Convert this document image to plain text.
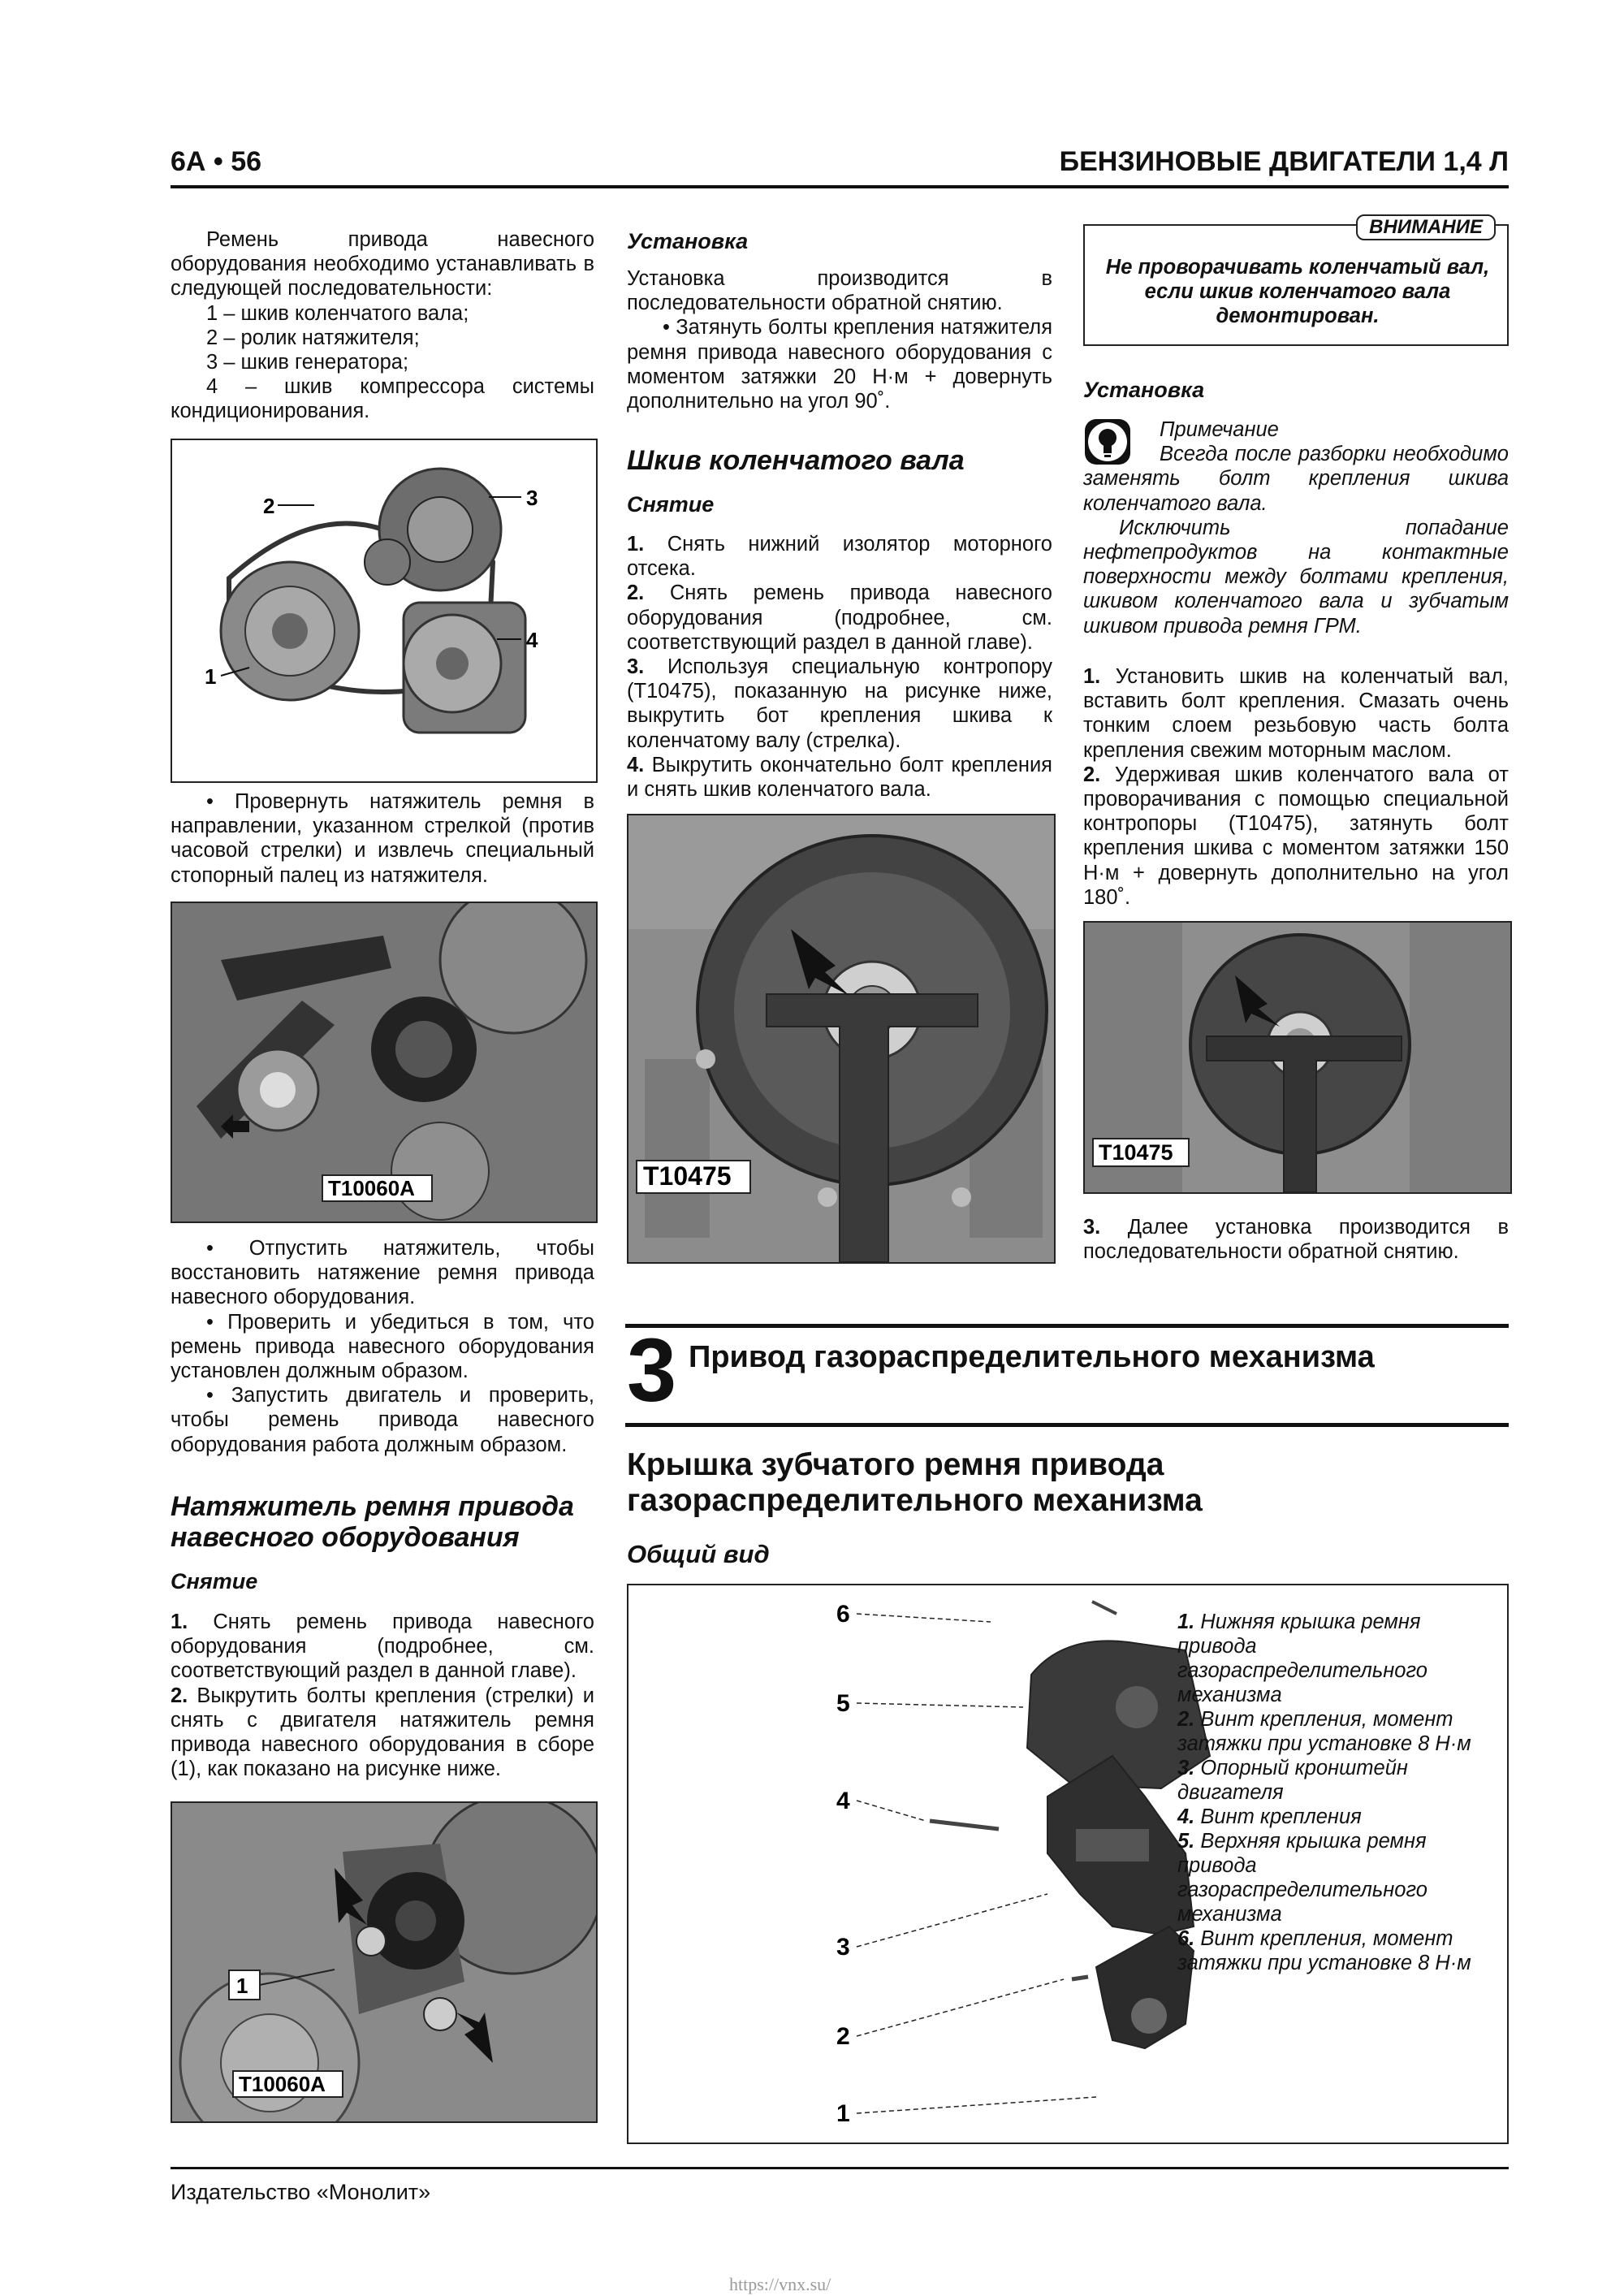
6А • 56	БЕНЗИНОВЫЕ ДВИГАТЕЛИ 1,4 Л

Ремень привода навесного оборудования необходимо устанавливать в следующей последовательности:

1 – шкив коленчатого вала;

2 – ролик натяжителя;

3 – шкив генератора;

4 – шкив компрессора системы кондиционирования.

2	3
4
1

• Провернуть натяжитель ремня в направлении, указанном стрелкой (против часовой стрелки) и извлечь специальный стопорный палец из натяжителя.

T10060A

• Отпустить натяжитель, чтобы восстановить натяжение ремня привода навесного оборудования.

• Проверить и убедиться в том, что ремень привода навесного оборудования установлен должным образом.

• Запустить двигатель и проверить, чтобы ремень привода навесного оборудования работа должным образом.

Натяжитель ремня привода навесного оборудования
Снятие

1. Снять ремень привода навесного оборудования (подробнее, см. соответствующий раздел в данной главе).

2. Выкрутить болты крепления (стрелки) и снять с двигателя натяжитель ремня привода навесного оборудования в сборе (1), как показано на рисунке ниже.

1
T10060A
Установка

Установка производится в последовательности обратной снятию.

• Затянуть болты крепления натяжителя ремня привода навесного оборудования с моментом затяжки 20 Н·м + довернуть дополнительно на угол 90˚.

Шкив коленчатого вала
Снятие

1. Снять нижний изолятор моторного отсека.

2. Снять ремень привода навесного оборудования (подробнее, см. соответствующий раздел в данной главе).

3. Используя специальную контропору (T10475), показанную на рисунке ниже, выкрутить бот крепления шкива к коленчатому валу (стрелка).

4. Выкрутить окончательно болт крепления и снять шкив коленчатого вала.

T10475
ВНИМАНИЕ
Не проворачивать коленчатый вал, если шкив коленчатого вала демонтирован.
Установка

Примечание

Всегда после разборки необходимо заменять болт крепления шкива коленчатого вала.

Исключить попадание нефтепродуктов на контактные поверхности между болтами крепления, шкивом коленчатого вала и зубчатым шкивом привода ремня ГРМ.

1. Установить шкив на коленчатый вал, вставить болт крепления. Смазать очень тонким слоем резьбовую часть болта крепления свежим моторным маслом.

2. Удерживая шкив коленчатого вала от проворачивания с помощью специальной контропоры (T10475), затянуть болт крепления шкива с моментом затяжки 150 Н·м + довернуть дополнительно на угол 180˚.

T10475

3. Далее установка производится в последовательности обратной снятию.

3 Привод газораспределительного механизма
Крышка зубчатого ремня привода газораспределительного механизма
Общий вид
6
5
4
3
2
1

1. Нижняя крышка ремня привода газораспределительного механизма

2. Винт крепления, момент затяжки при установке 8 Н·м

3. Опорный кронштейн двигателя

4. Винт крепления

5. Верхняя крышка ремня привода газораспределительного механизма

6. Винт крепления, момент затяжки при установке 8 Н·м

Издательство «Монолит»
https://vnx.su/
